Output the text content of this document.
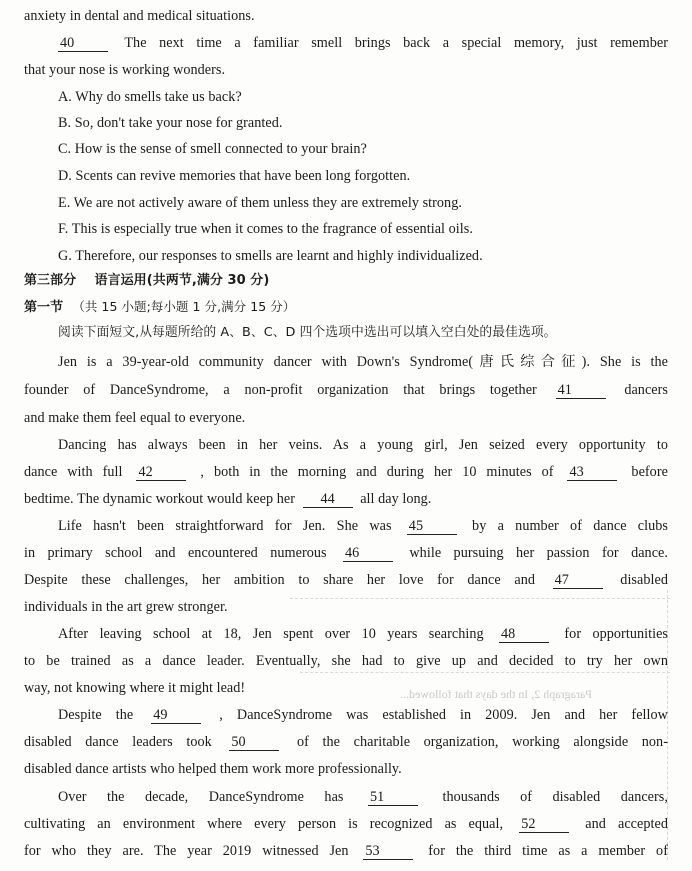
Paragraph 2, In the days that followed...
anxiety in dental and medical situations.
40	The next time a familiar smell brings back a special memory, just remember
that your nose is working wonders.
A. Why do smells take us back?
B. So, don't take your nose for granted.
C. How is the sense of smell connected to your brain?
D. Scents can revive memories that have been long forgotten.
E. We are not actively aware of them unless they are extremely strong.
F. This is especially true when it comes to the fragrance of essential oils.
G. Therefore, our responses to smells are learnt and highly individualized.
第三部分 语言运用(共两节,满分 30 分)
第一节 （共 15 小题;每小题 1 分,满分 15 分）
阅读下面短文,从每题所给的 A、B、C、D 四个选项中选出可以填入空白处的最佳选项。
Jen is a 39-year-old community dancer with Down's Syndrome(唐氏综合征). She is the
founder of DanceSyndrome, a non-profit organization that brings together 41	dancers
and make them feel equal to everyone.
Dancing has always been in her veins. As a young girl, Jen seized every opportunity to
dance with full 42	, both in the morning and during her 10 minutes of 43	before
bedtime. The dynamic workout would keep her 44 all day long.
Life hasn't been straightforward for Jen. She was 45	by a number of dance clubs
in primary school and encountered numerous 46	while pursuing her passion for dance.
Despite these challenges, her ambition to share her love for dance and 47	disabled
individuals in the art grew stronger.
After leaving school at 18, Jen spent over 10 years searching 48	for opportunities
to be trained as a dance leader. Eventually, she had to give up and decided to try her own
way, not knowing where it might lead!
Despite the 49	, DanceSyndrome was established in 2009. Jen and her fellow
disabled dance leaders took 50	of the charitable organization, working alongside non-
disabled dance artists who helped them work more professionally.
Over the decade, DanceSyndrome has 51	thousands of disabled dancers,
cultivating an environment where every person is recognized as equal, 52	and accepted
for who they are. The year 2019 witnessed Jen 53	for the third time as a member of
